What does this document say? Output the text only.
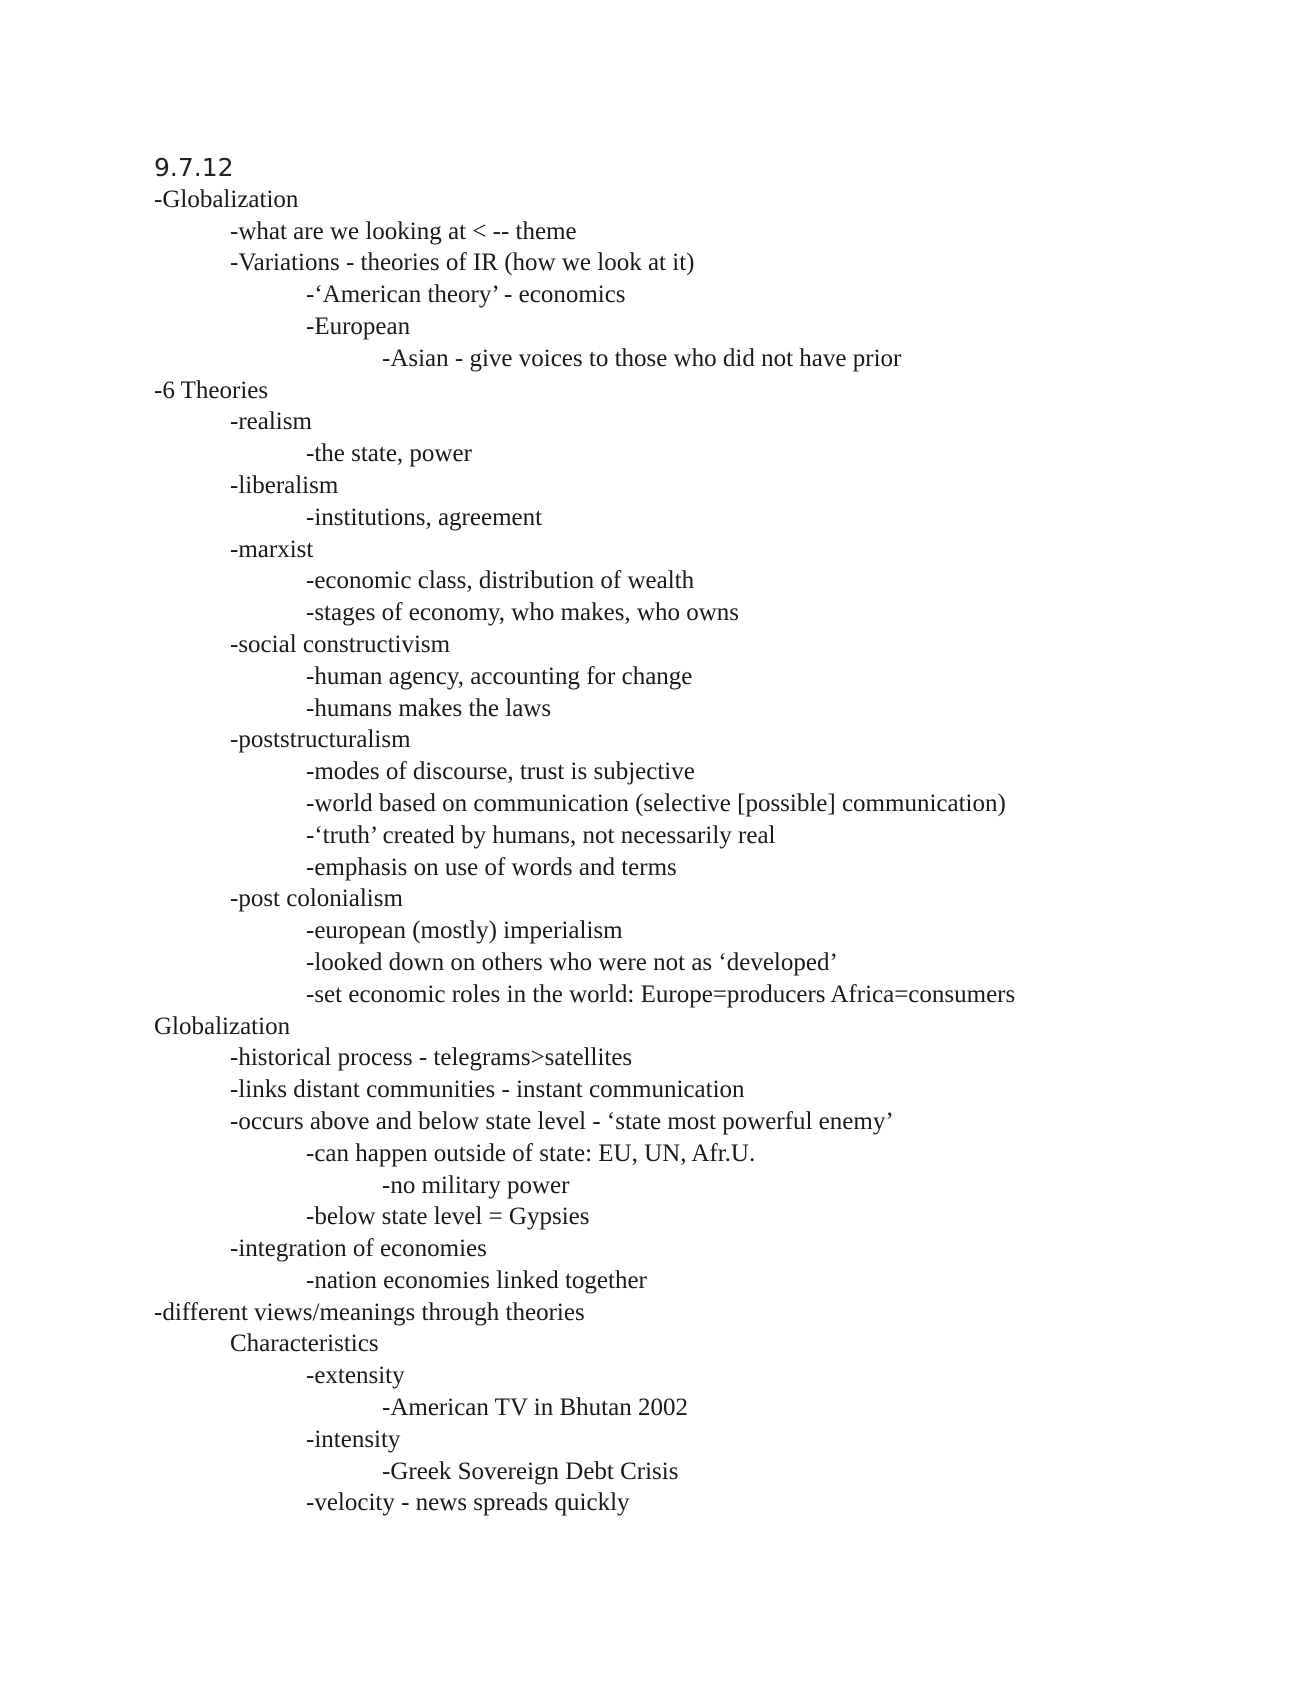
9.7.12
-Globalization
-what are we looking at < -- theme
-Variations - theories of IR (how we look at it)
-‘American theory’ - economics
-European
-Asian - give voices to those who did not have prior
-6 Theories
-realism
-the state, power
-liberalism
-institutions, agreement
-marxist
-economic class, distribution of wealth
-stages of economy, who makes, who owns
-social constructivism
-human agency, accounting for change
-humans makes the laws
-poststructuralism
-modes of discourse, trust is subjective
-world based on communication (selective [possible] communication)
-‘truth’ created by humans, not necessarily real
-emphasis on use of words and terms
-post colonialism
-european (mostly) imperialism
-looked down on others who were not as ‘developed’
-set economic roles in the world: Europe=producers Africa=consumers
Globalization
-historical process - telegrams>satellites
-links distant communities - instant communication
-occurs above and below state level - ‘state most powerful enemy’
-can happen outside of state: EU, UN, Afr.U.
-no military power
-below state level = Gypsies
-integration of economies
-nation economies linked together
-different views/meanings through theories
Characteristics
-extensity
-American TV in Bhutan 2002
-intensity
-Greek Sovereign Debt Crisis
-velocity - news spreads quickly
